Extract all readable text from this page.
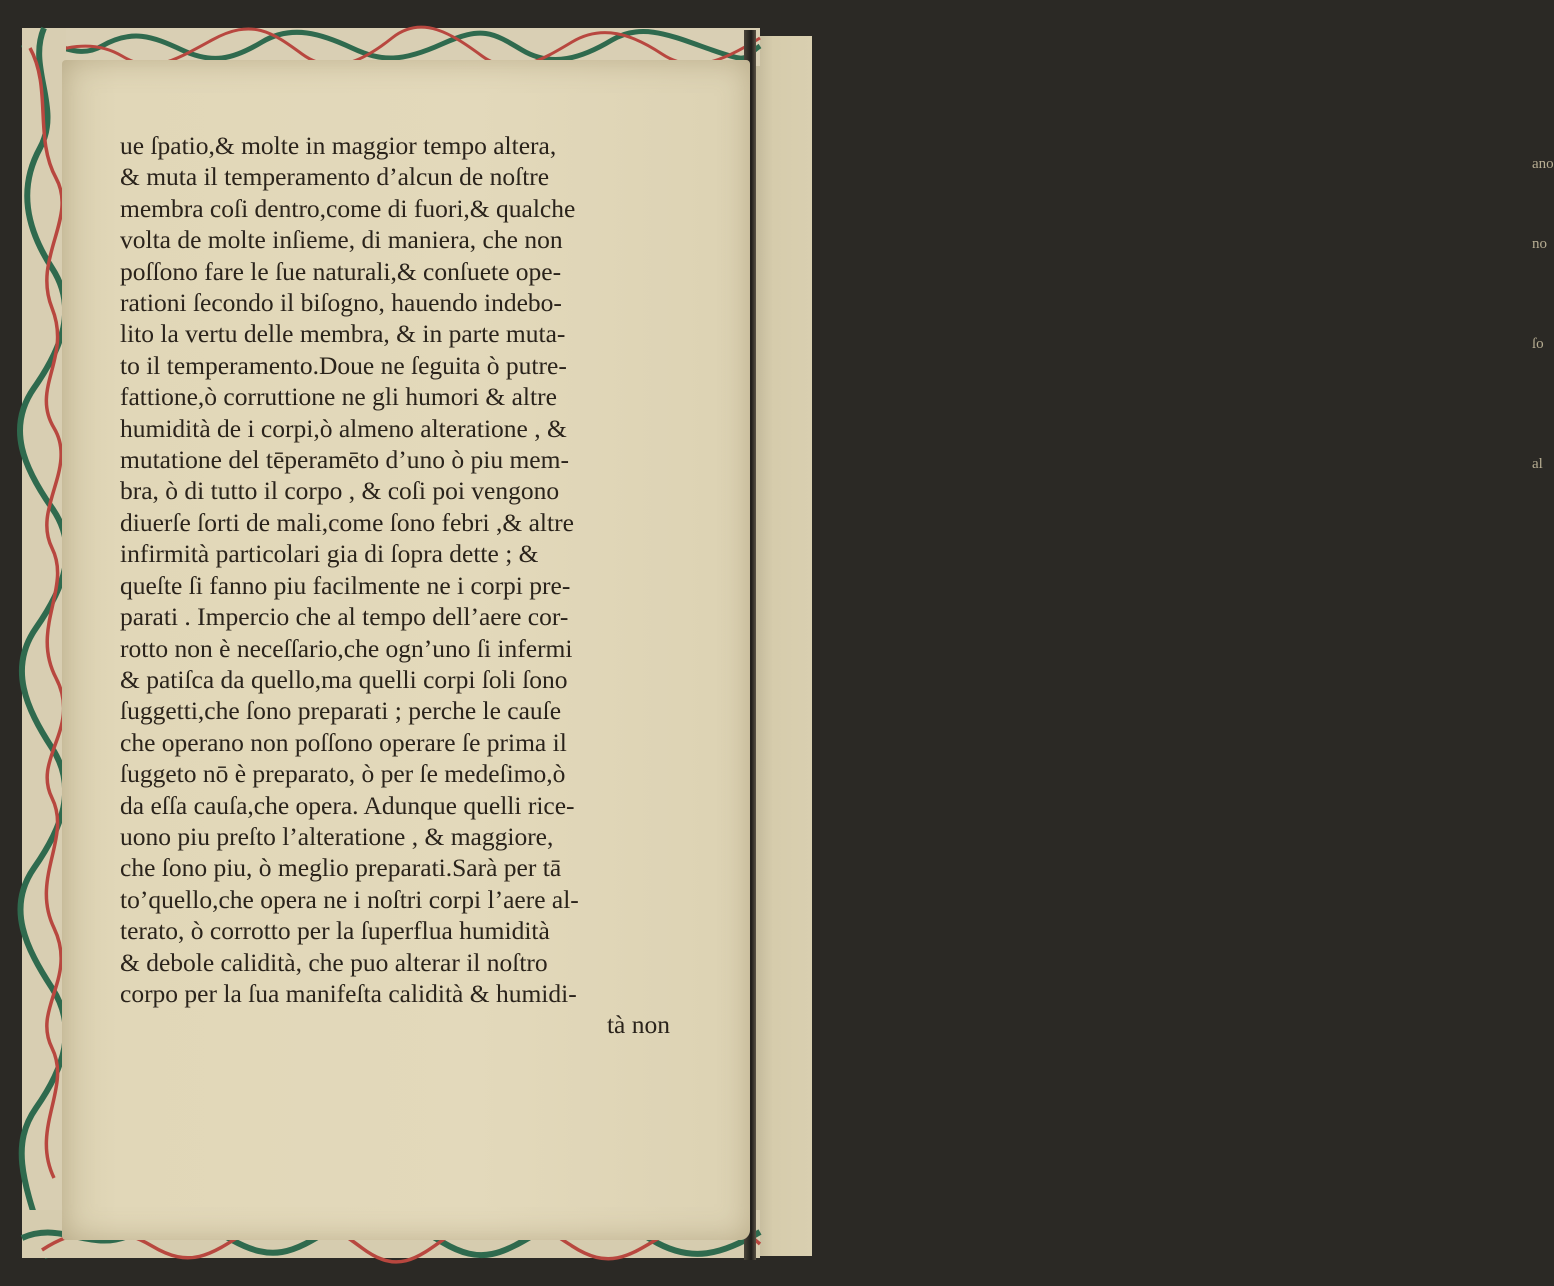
ano
no
ſo
al
ue ſpatio,& molte in maggior tempo altera,
& muta il temperamento d’alcun de noſtre
membra coſi dentro,come di fuori,& qualche
volta de molte inſieme, di maniera, che non
poſſono fare le ſue naturali,& conſuete ope-
rationi ſecondo il biſogno, hauendo indebo-
lito la vertu delle membra, & in parte muta-
to il temperamento.Doue ne ſeguita ò putre-
fattione,ò corruttione ne gli humori & altre
humidità de i corpi,ò almeno alteratione , &
mutatione del tēperamēto d’uno ò piu mem-
bra, ò di tutto il corpo , & coſi poi vengono
diuerſe ſorti de mali,come ſono febri ,& altre
infirmità particolari gia di ſopra dette ; &
queſte ſi fanno piu facilmente ne i corpi pre-
parati . Impercio che al tempo dell’aere cor-
rotto non è neceſſario,che ogn’uno ſi infermi
& patiſca da quello,ma quelli corpi ſoli ſono
ſuggetti,che ſono preparati ; perche le cauſe
che operano non poſſono operare ſe prima il
ſuggeto nō è preparato, ò per ſe medeſimo,ò
da eſſa cauſa,che opera. Adunque quelli rice-
uono piu preſto l’alteratione , & maggiore,
che ſono piu, ò meglio preparati.Sarà per tā
to’quello,che opera ne i noſtri corpi l’aere al-
terato, ò corrotto per la ſuperflua humidità
& debole calidità, che puo alterar il noſtro
corpo per la ſua manifeſta calidità & humidi-
tà non
